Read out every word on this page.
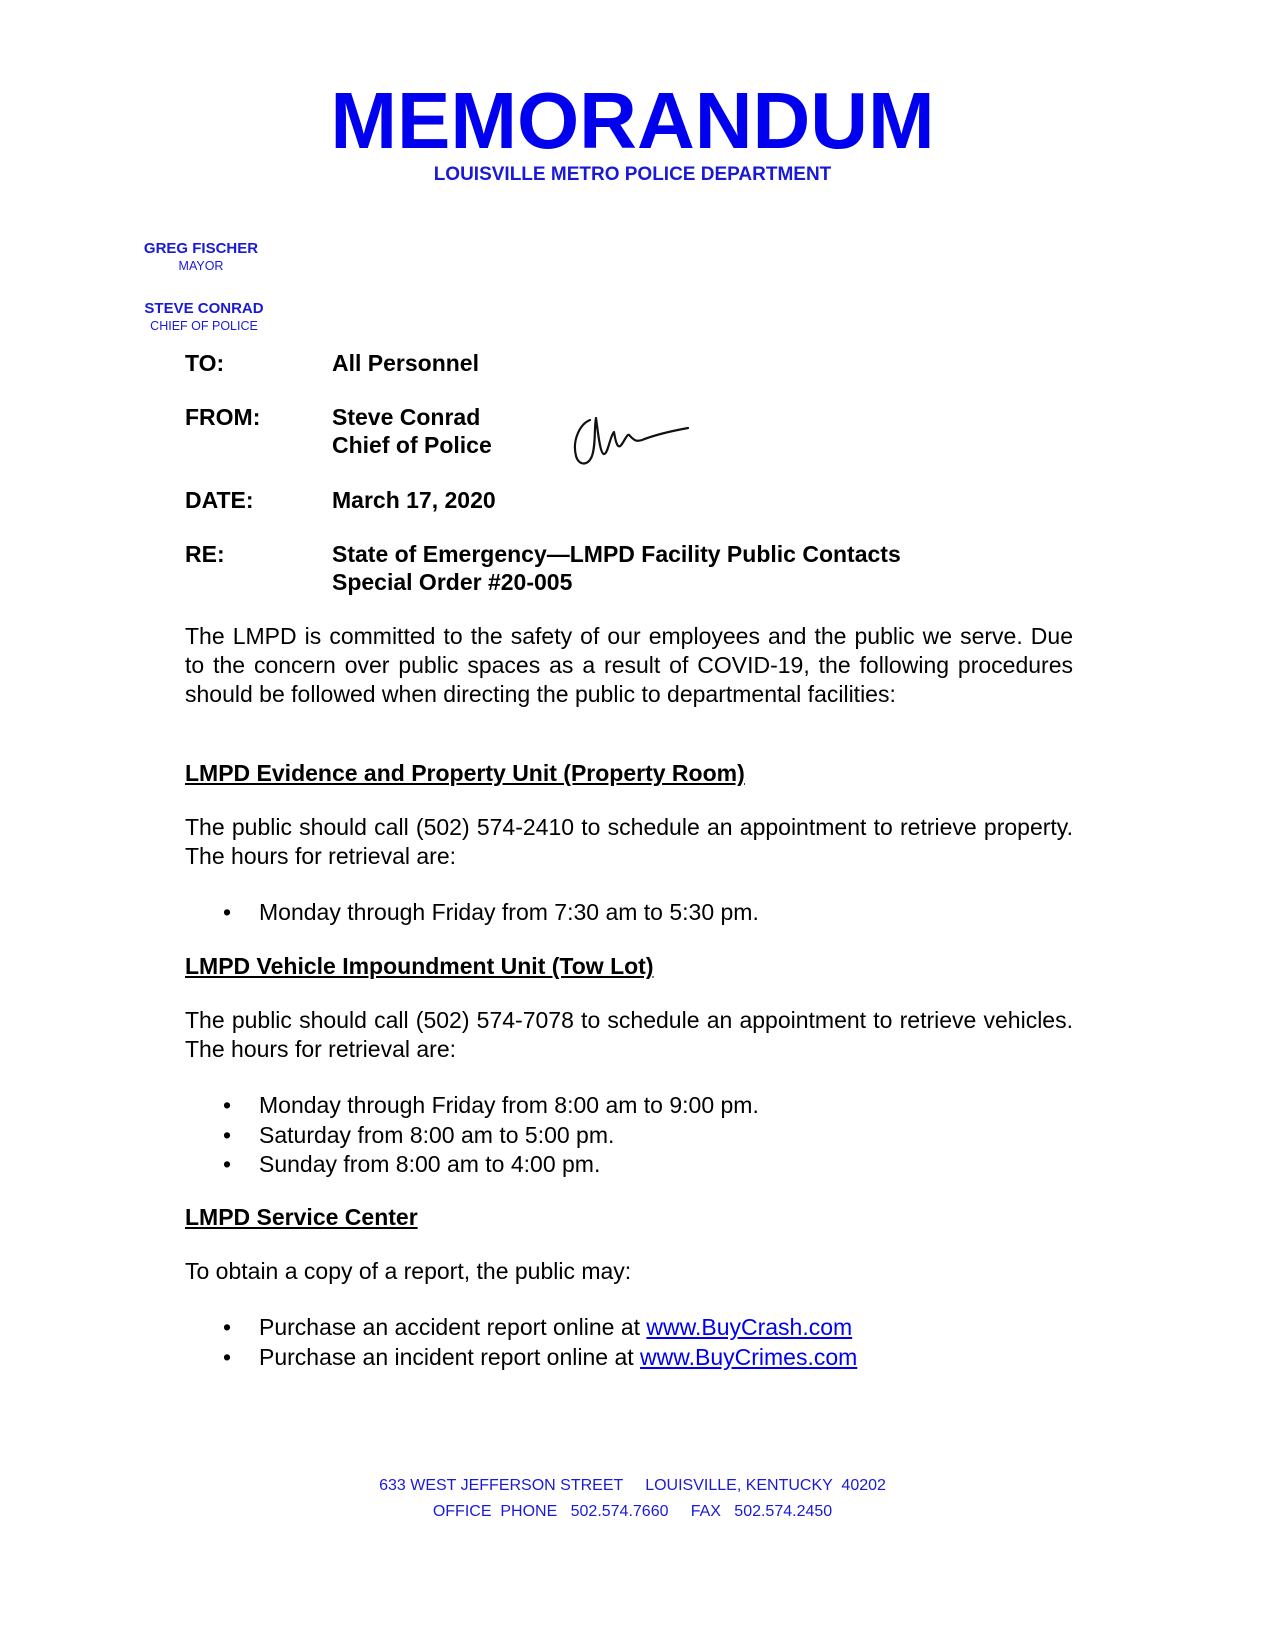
MEMORANDUM
LOUISVILLE METRO POLICE DEPARTMENT
GREG FISCHER
MAYOR
STEVE CONRAD
CHIEF OF POLICE
TO:	All Personnel
FROM:	Steve Conrad
Chief of Police
DATE:	March 17, 2020
RE:	State of Emergency—LMPD Facility Public Contacts
Special Order #20-005
The LMPD is committed to the safety of our employees and the public we serve. Due to the concern over public spaces as a result of COVID-19, the following procedures should be followed when directing the public to departmental facilities:
LMPD Evidence and Property Unit (Property Room)
The public should call (502) 574-2410 to schedule an appointment to retrieve property. The hours for retrieval are:
• Monday through Friday from 7:30 am to 5:30 pm.
LMPD Vehicle Impoundment Unit (Tow Lot)
The public should call (502) 574-7078 to schedule an appointment to retrieve vehicles. The hours for retrieval are:
• Monday through Friday from 8:00 am to 9:00 pm.
• Saturday from 8:00 am to 5:00 pm.
• Sunday from 8:00 am to 4:00 pm.
LMPD Service Center
To obtain a copy of a report, the public may:
• Purchase an accident report online at www.BuyCrash.com
• Purchase an incident report online at www.BuyCrimes.com
633 WEST JEFFERSON STREET     LOUISVILLE, KENTUCKY  40202
OFFICE  PHONE   502.574.7660     FAX   502.574.2450
